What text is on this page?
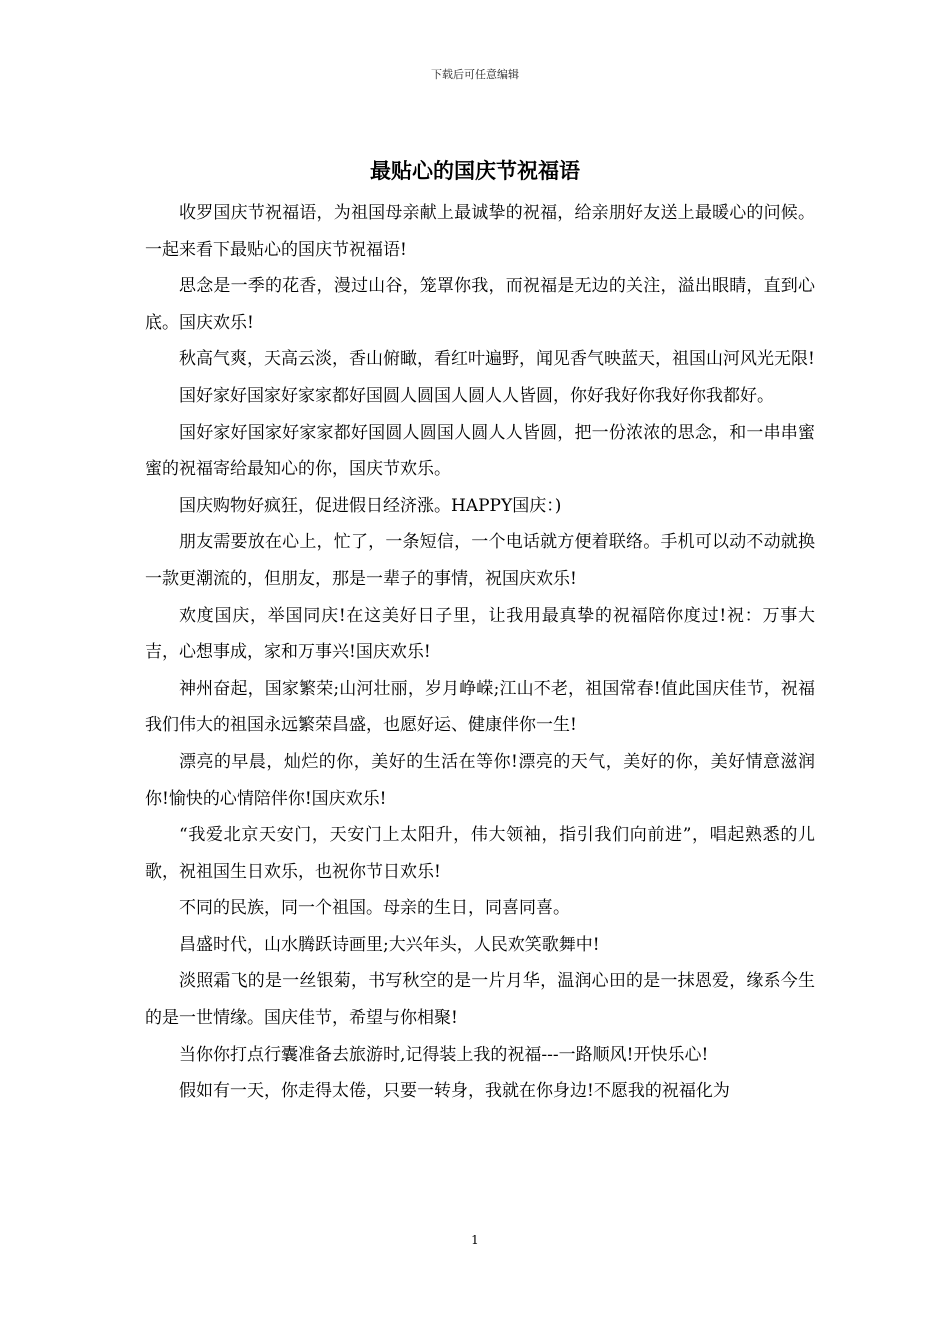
下载后可任意编辑
最贴心的国庆节祝福语

收罗国庆节祝福语，为祖国母亲献上最诚挚的祝福，给亲朋好友送上最暖心的问候。一起来看下最贴心的国庆节祝福语!

思念是一季的花香，漫过山谷，笼罩你我，而祝福是无边的关注，溢出眼睛，直到心底。国庆欢乐!

秋高气爽，天高云淡，香山俯瞰，看红叶遍野，闻见香气映蓝天，祖国山河风光无限!

国好家好国家好家家都好国圆人圆国人圆人人皆圆，你好我好你我好你我都好。

国好家好国家好家家都好国圆人圆国人圆人人皆圆，把一份浓浓的思念，和一串串蜜蜜的祝福寄给最知心的你，国庆节欢乐。

国庆购物好疯狂，促进假日经济涨。HAPPY国庆：)

朋友需要放在心上，忙了，一条短信，一个电话就方便着联络。手机可以动不动就换一款更潮流的，但朋友，那是一辈子的事情，祝国庆欢乐!

欢度国庆，举国同庆!在这美好日子里，让我用最真挚的祝福陪你度过!祝：万事大吉，心想事成，家和万事兴!国庆欢乐!

神州奋起，国家繁荣;山河壮丽，岁月峥嵘;江山不老，祖国常春!值此国庆佳节，祝福我们伟大的祖国永远繁荣昌盛，也愿好运、健康伴你一生!

漂亮的早晨，灿烂的你，美好的生活在等你!漂亮的天气，美好的你，美好情意滋润你!愉快的心情陪伴你!国庆欢乐!

“我爱北京天安门，天安门上太阳升，伟大领袖，指引我们向前进”，唱起熟悉的儿歌，祝祖国生日欢乐，也祝你节日欢乐!

不同的民族，同一个祖国。母亲的生日，同喜同喜。

昌盛时代，山水腾跃诗画里;大兴年头，人民欢笑歌舞中!

淡照霜飞的是一丝银菊，书写秋空的是一片月华，温润心田的是一抹恩爱，缘系今生的是一世情缘。国庆佳节，希望与你相聚!

当你你打点行囊准备去旅游时,记得装上我的祝福---一路顺风!开快乐心!

假如有一天，你走得太倦，只要一转身，我就在你身边!不愿我的祝福化为

1
